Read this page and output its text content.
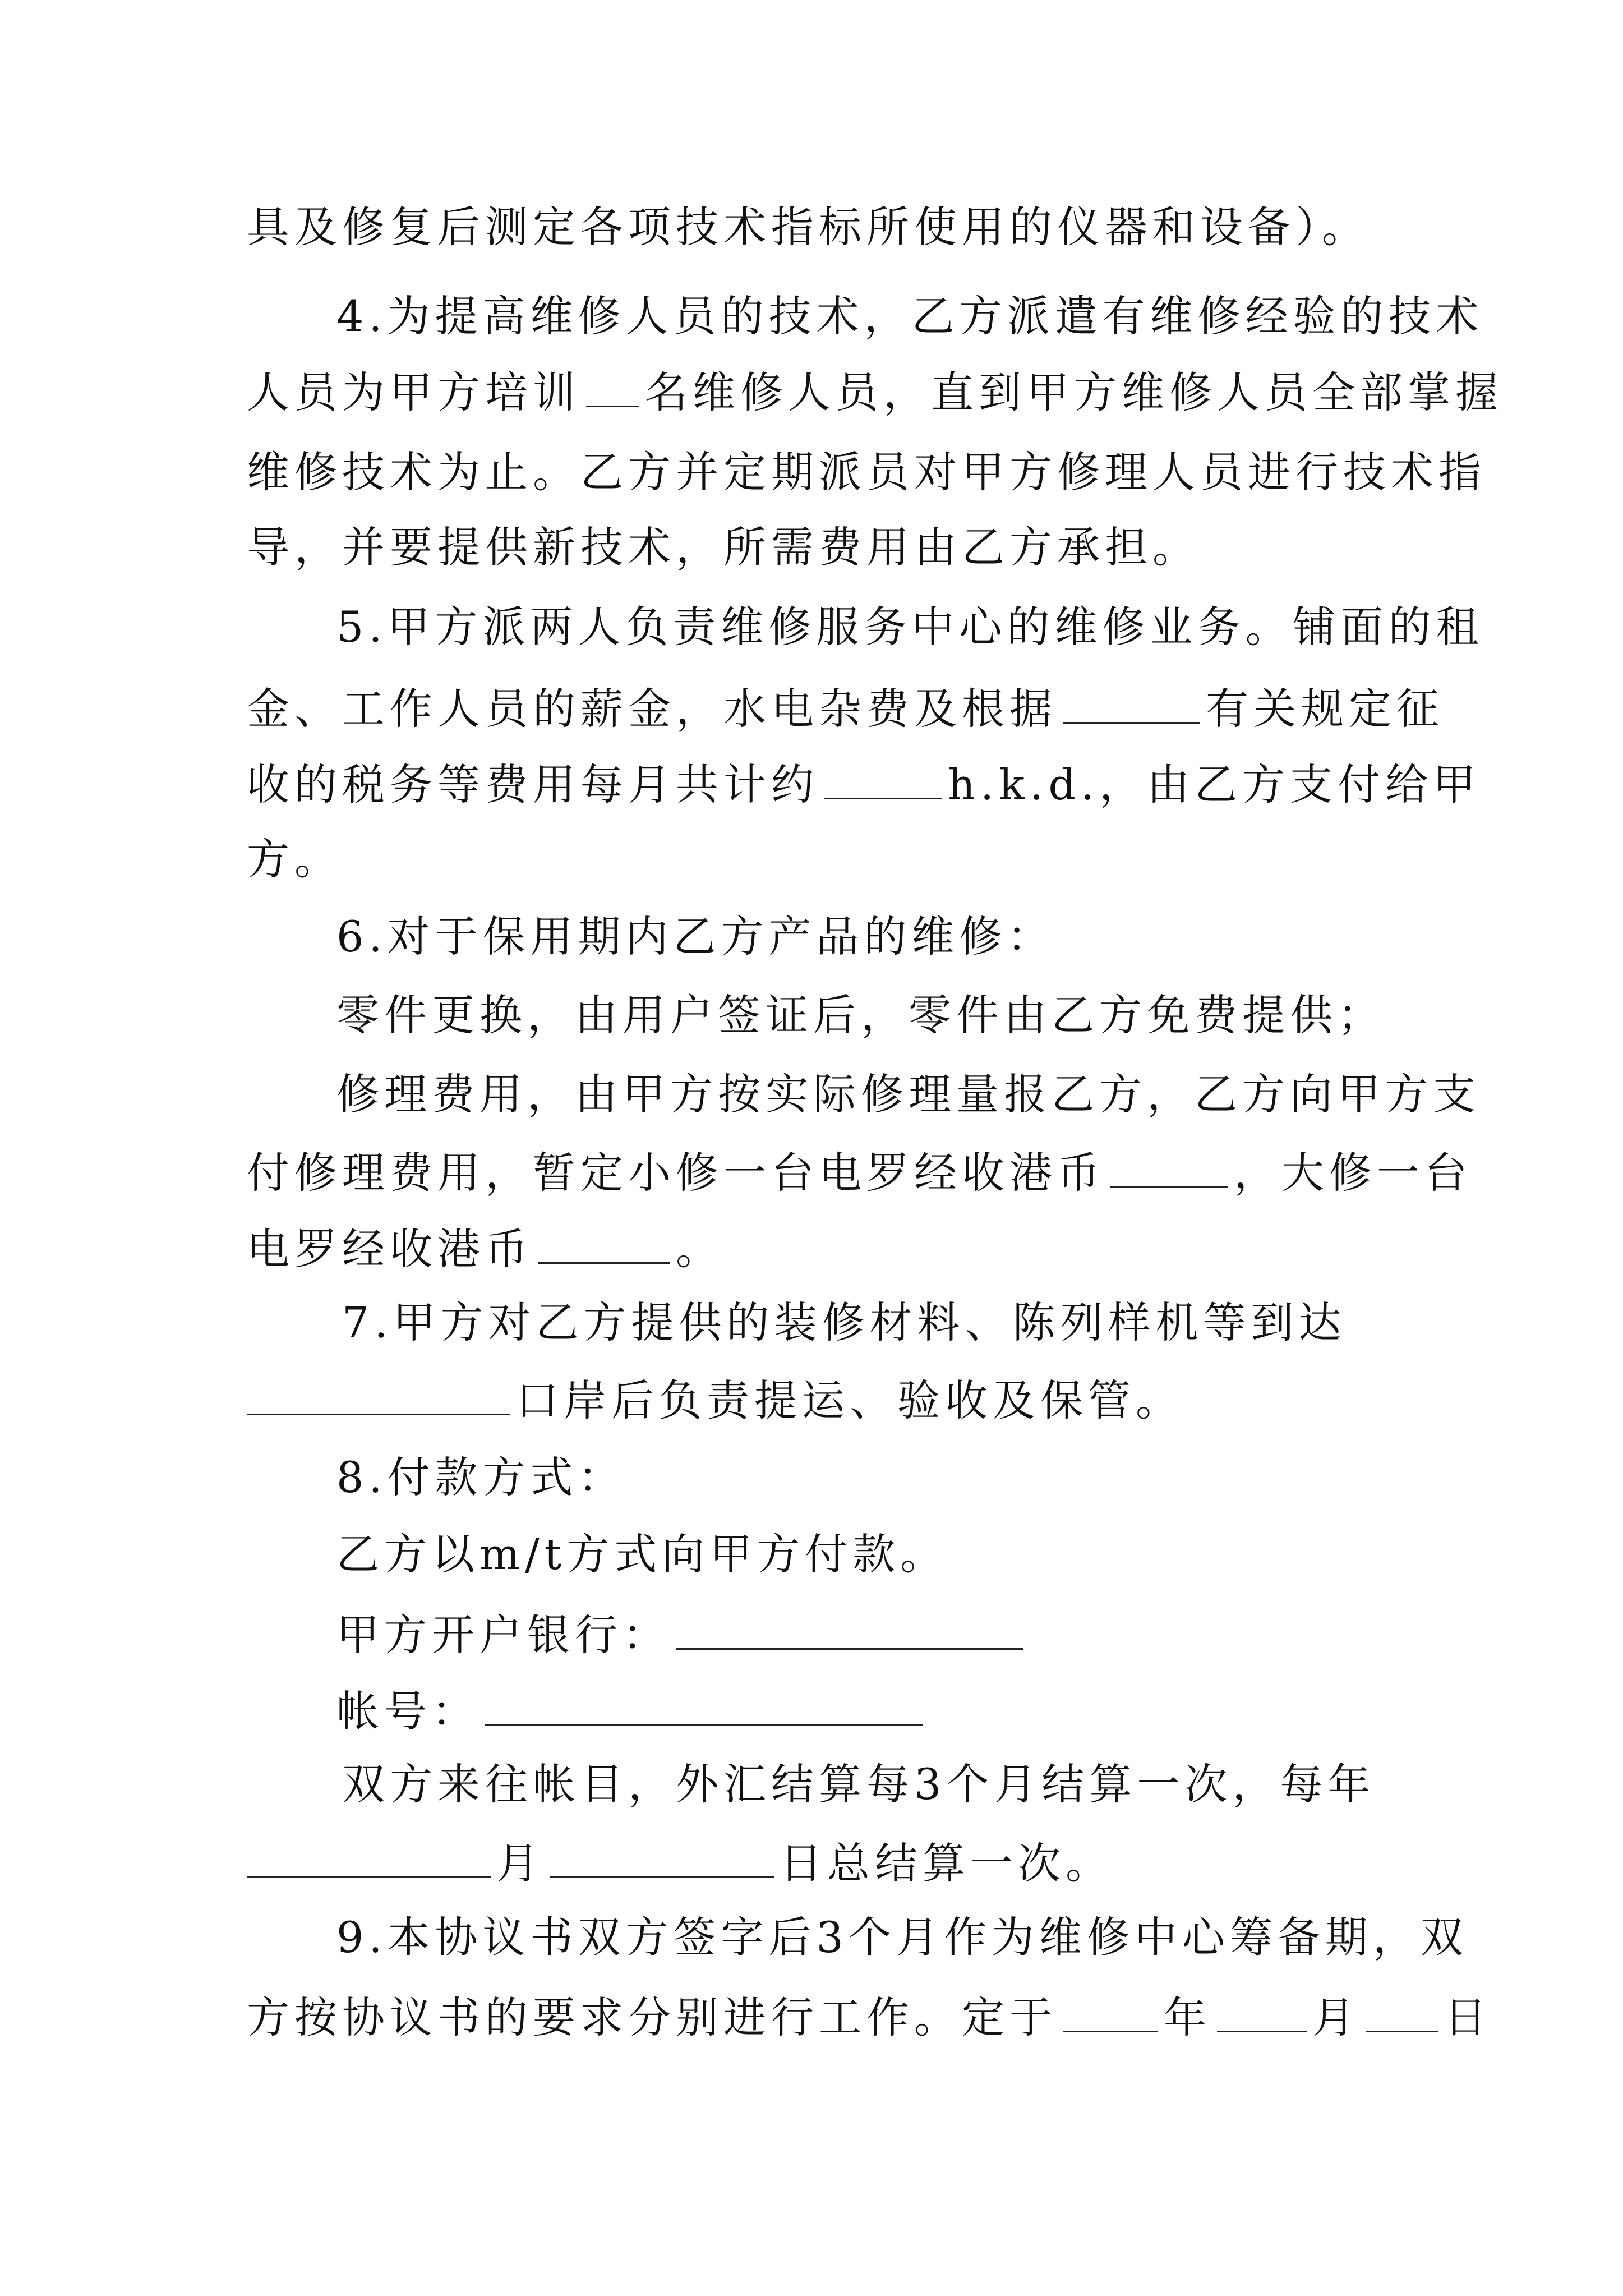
具及修复后测定各项技术指标所使用的仪器和设备）。
4.为提高维修人员的技术，乙方派遣有维修经验的技术
人员为甲方培训 名维修人员，直到甲方维修人员全部掌握
维修技术为止。乙方并定期派员对甲方修理人员进行技术指
导，并要提供新技术，所需费用由乙方承担。
5.甲方派两人负责维修服务中心的维修业务。铺面的租
金、工作人员的薪金，水电杂费及根据	有关规定征
收的税务等费用每月共计约	h.k.d.，由乙方支付给甲
方。
6.对于保用期内乙方产品的维修：
零件更换，由用户签证后，零件由乙方免费提供；
修理费用，由甲方按实际修理量报乙方，乙方向甲方支
付修理费用，暂定小修一台电罗经收港币	，大修一台
电罗经收港币	。
7.甲方对乙方提供的装修材料、陈列样机等到达
口岸后负责提运、验收及保管。
8.付款方式：
乙方以m/t方式向甲方付款。
甲方开户银行：
帐号：
双方来往帐目，外汇结算每3个月结算一次，每年
月	日总结算一次。
9.本协议书双方签字后3个月作为维修中心筹备期，双
方按协议书的要求分别进行工作。定于	年 月 日
